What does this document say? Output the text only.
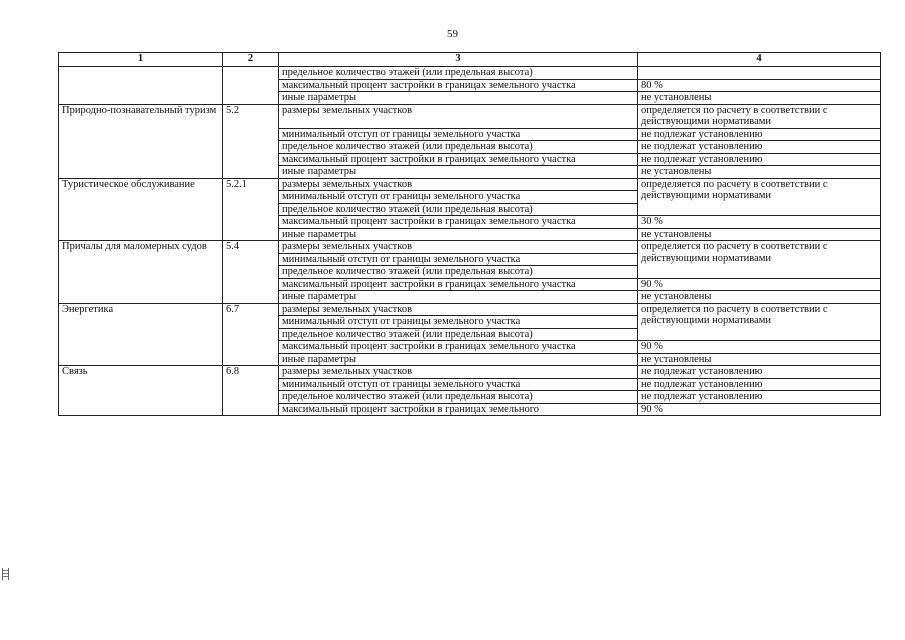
59
1	2	3	4
		предельное количество этажей (или предельная высота)	
		максимальный процент застройки в границах земельного участка	80 %
		иные параметры	не установлены
Природно-познавательный туризм	5.2	размеры земельных участков	определяется по расчету в соответствии с действующими нормативами
		минимальный отступ от границы земельного участка	не подлежат установлению
		предельное количество этажей (или предельная высота)	не подлежат установлению
		максимальный процент застройки в границах земельного участка	не подлежат установлению
		иные параметры	не установлены
Туристическое обслуживание	5.2.1	размеры земельных участков	определяется по расчету в соответствии с действующими нормативами
		минимальный отступ от границы земельного участка	
		предельное количество этажей (или предельная высота)	
		максимальный процент застройки в границах земельного участка	30 %
		иные параметры	не установлены
Причалы для маломерных судов	5.4	размеры земельных участков	определяется по расчету в соответствии с действующими нормативами
		минимальный отступ от границы земельного участка	
		предельное количество этажей (или предельная высота)	
		максимальный процент застройки в границах земельного участка	90 %
		иные параметры	не установлены
Энергетика	6.7	размеры земельных участков	определяется по расчету в соответствии с действующими нормативами
		минимальный отступ от границы земельного участка	
		предельное количество этажей (или предельная высота)	
		максимальный процент застройки в границах земельного участка	90 %
		иные параметры	не установлены
Связь	6.8	размеры земельных участков	не подлежат установлению
		минимальный отступ от границы земельного участка	не подлежат установлению
		предельное количество этажей (или предельная высота)	не подлежат установлению
		максимальный процент застройки в границах земельного	90 %
